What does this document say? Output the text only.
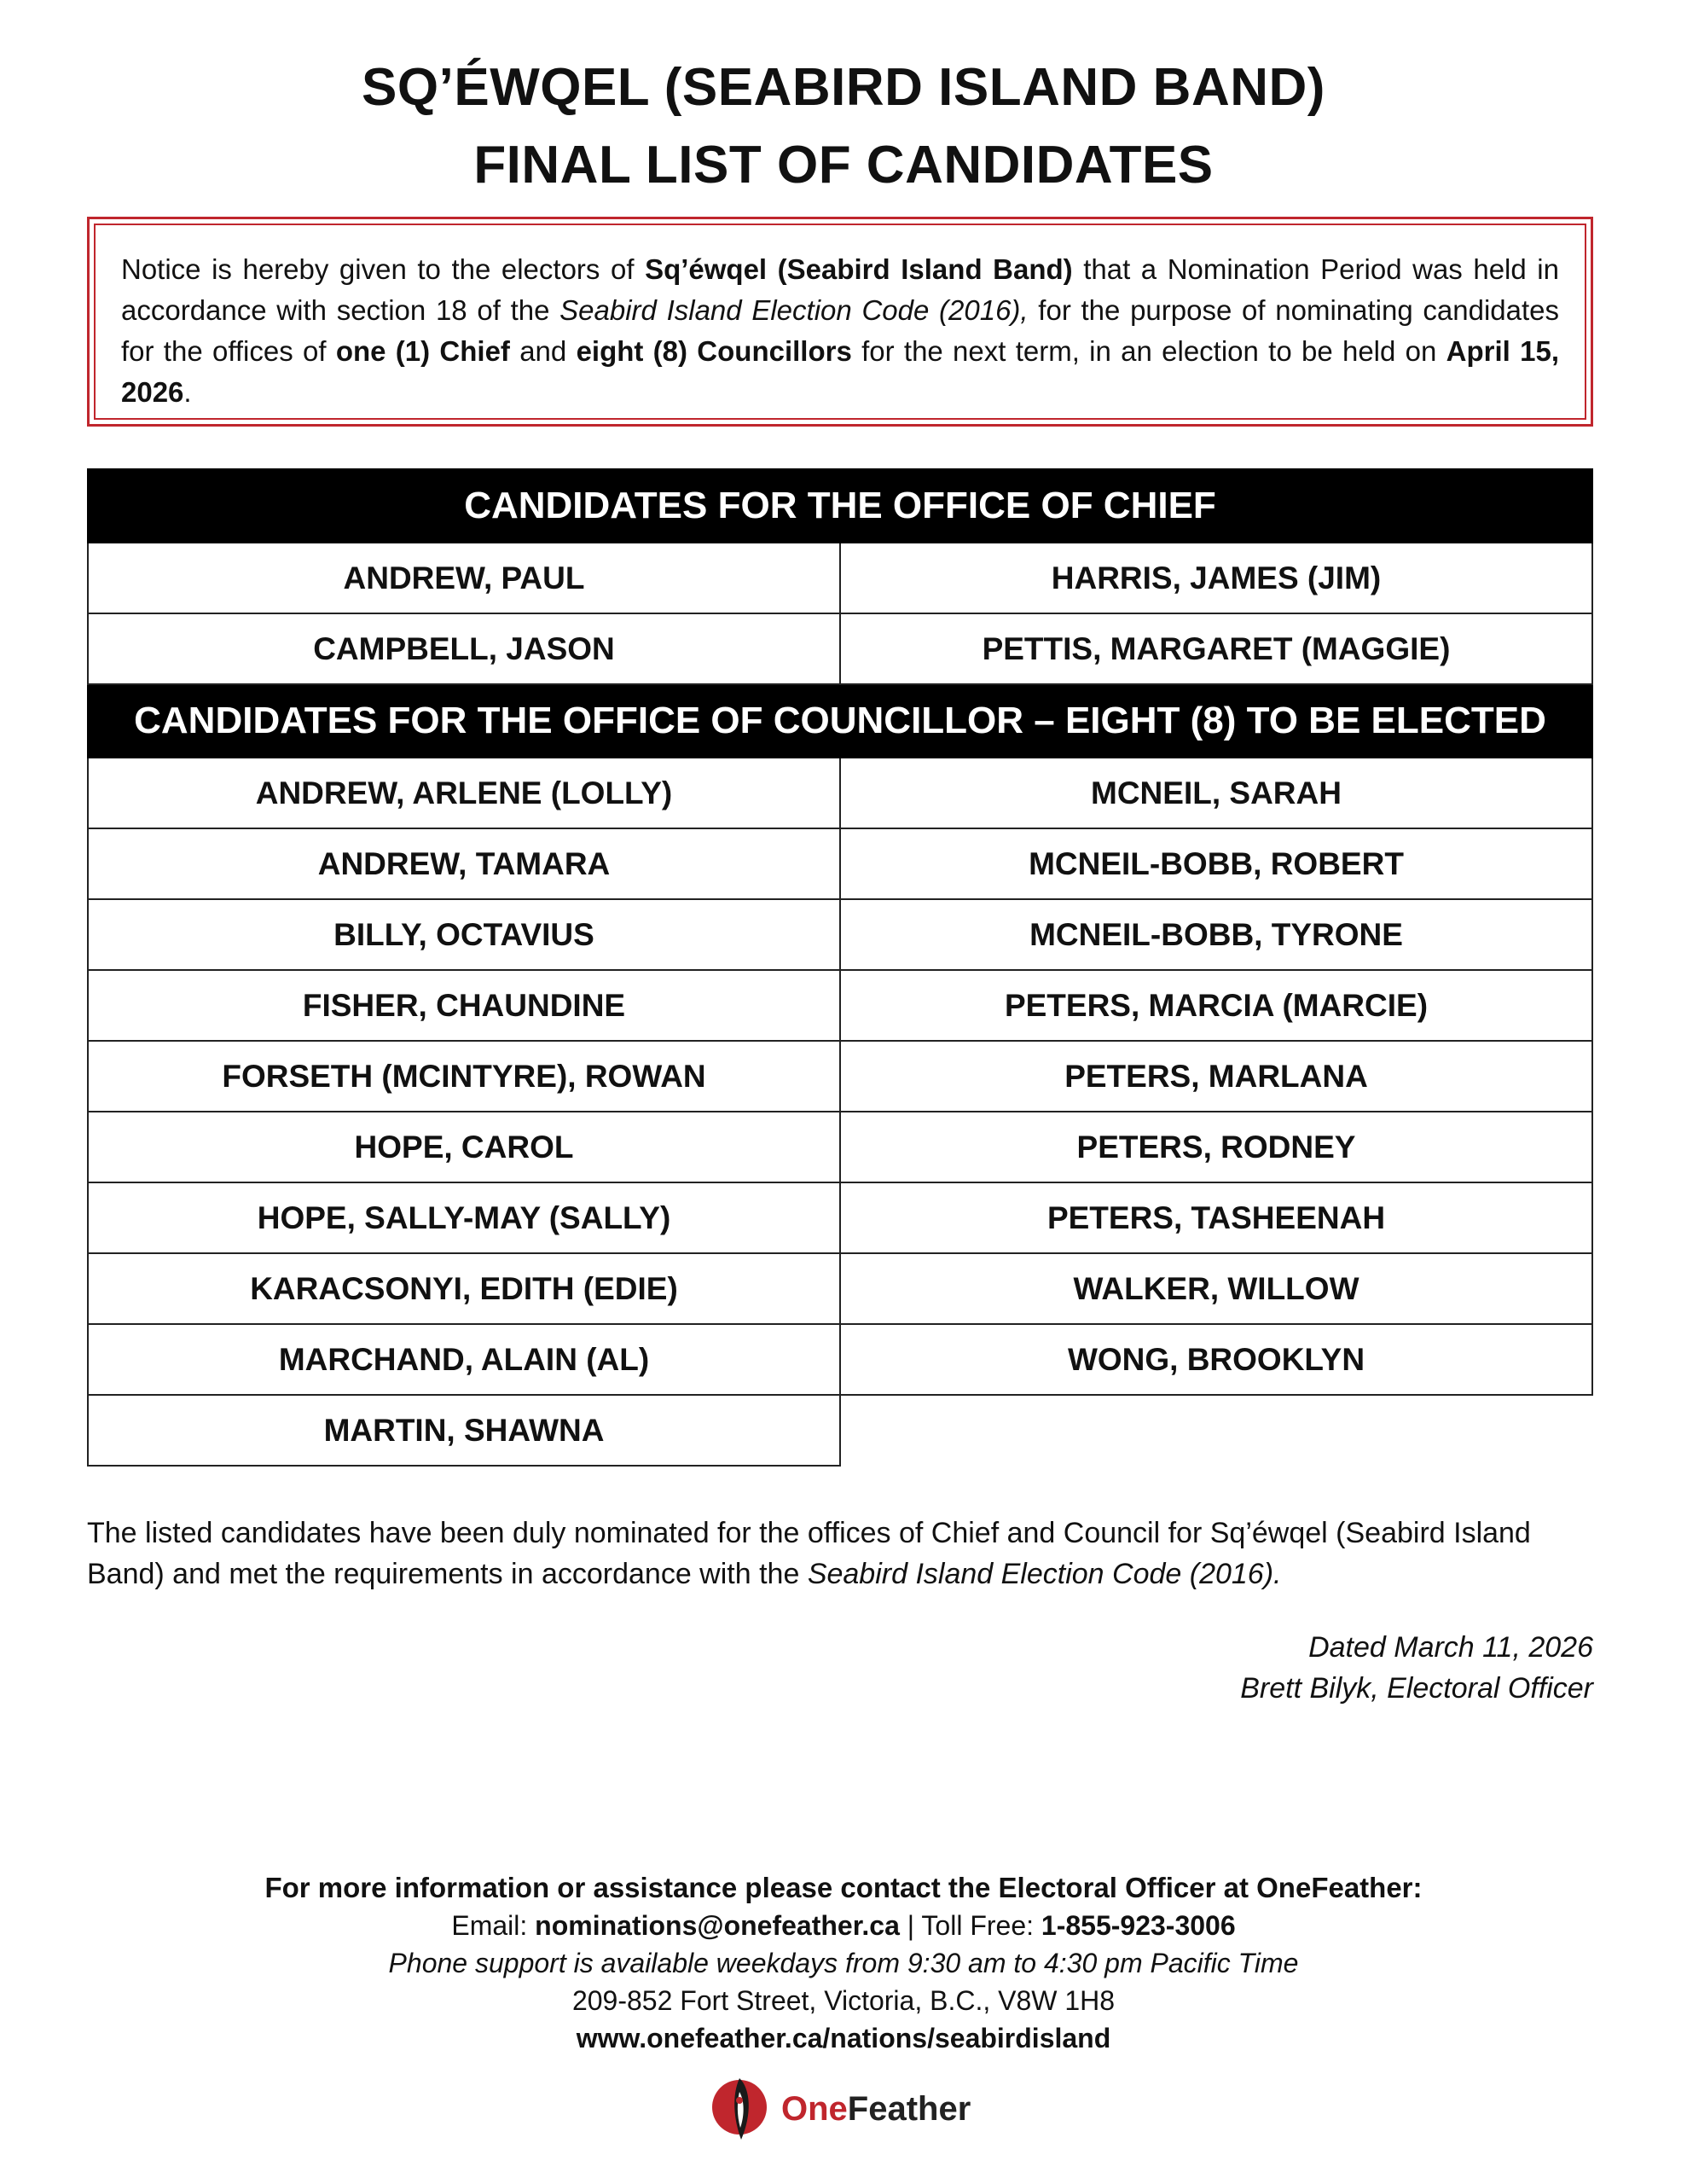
SQ’ÉWQEL (SEABIRD ISLAND BAND)
FINAL LIST OF CANDIDATES
Notice is hereby given to the electors of Sq’éwqel (Seabird Island Band) that a Nomination Period was held in accordance with section 18 of the Seabird Island Election Code (2016), for the purpose of nominating candidates for the offices of one (1) Chief and eight (8) Councillors for the next term, in an election to be held on April 15, 2026.
CANDIDATES FOR THE OFFICE OF CHIEF	
ANDREW, PAUL	HARRIS, JAMES (JIM)
CAMPBELL, JASON	PETTIS, MARGARET (MAGGIE)
CANDIDATES FOR THE OFFICE OF COUNCILLOR – EIGHT (8) TO BE ELECTED	
ANDREW, ARLENE (LOLLY)	MCNEIL, SARAH
ANDREW, TAMARA	MCNEIL-BOBB, ROBERT
BILLY, OCTAVIUS	MCNEIL-BOBB, TYRONE
FISHER, CHAUNDINE	PETERS, MARCIA (MARCIE)
FORSETH (MCINTYRE), ROWAN	PETERS, MARLANA
HOPE, CAROL	PETERS, RODNEY
HOPE, SALLY-MAY (SALLY)	PETERS, TASHEENAH
KARACSONYI, EDITH (EDIE)	WALKER, WILLOW
MARCHAND, ALAIN (AL)	WONG, BROOKLYN
MARTIN, SHAWNA	
The listed candidates have been duly nominated for the offices of Chief and Council for Sq’éwqel (Seabird Island Band) and met the requirements in accordance with the Seabird Island Election Code (2016).
Dated March 11, 2026
Brett Bilyk, Electoral Officer
For more information or assistance please contact the Electoral Officer at OneFeather:
Email: nominations@onefeather.ca | Toll Free: 1-855-923-3006
Phone support is available weekdays from 9:30 am to 4:30 pm Pacific Time
209-852 Fort Street, Victoria, B.C., V8W 1H8
www.onefeather.ca/nations/seabirdisland
OneFeather
